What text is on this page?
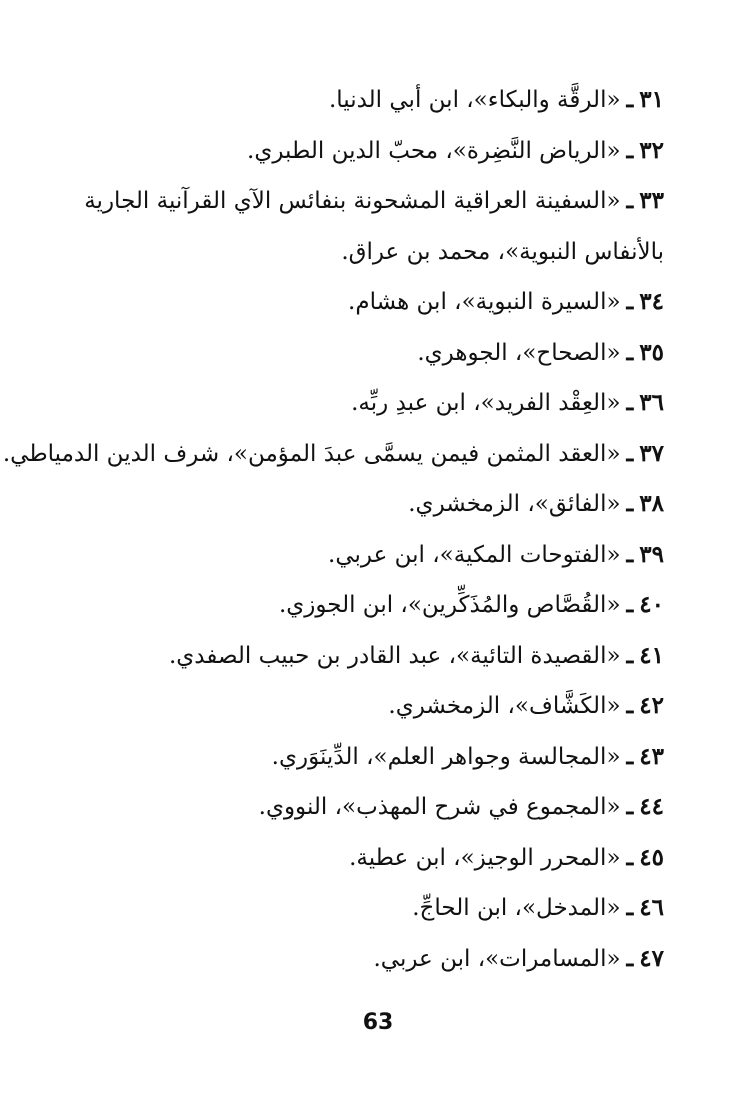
٣١ـ«الرقَّة والبكاء»، ابن أبي الدنيا.
٣٢ـ«الرياض النَّضِرة»، محبّ الدين الطبري.
٣٣ـ«السفينة العراقية المشحونة بنفائس الآي القرآنية الجارية بالأنفاس النبوية»، محمد بن عراق.
٣٤ـ«السيرة النبوية»، ابن هشام.
٣٥ـ«الصحاح»، الجوهري.
٣٦ـ«العِقْد الفريد»، ابن عبدِ ربِّه.
٣٧ـ«العقد المثمن فيمن يسمَّى عبدَ المؤمن»، شرف الدين الدمياطي.
٣٨ـ«الفائق»، الزمخشري.
٣٩ـ«الفتوحات المكية»، ابن عربي.
٤٠ـ«القُصَّاص والمُذَكِّرين»، ابن الجوزي.
٤١ـ«القصيدة التائية»، عبد القادر بن حبيب الصفدي.
٤٢ـ«الكَشَّاف»، الزمخشري.
٤٣ـ«المجالسة وجواهر العلم»، الدِّينَوَري.
٤٤ـ«المجموع في شرح المهذب»، النووي.
٤٥ـ«المحرر الوجيز»، ابن عطية.
٤٦ـ«المدخل»، ابن الحاجِّ.
٤٧ـ«المسامرات»، ابن عربي.
63
